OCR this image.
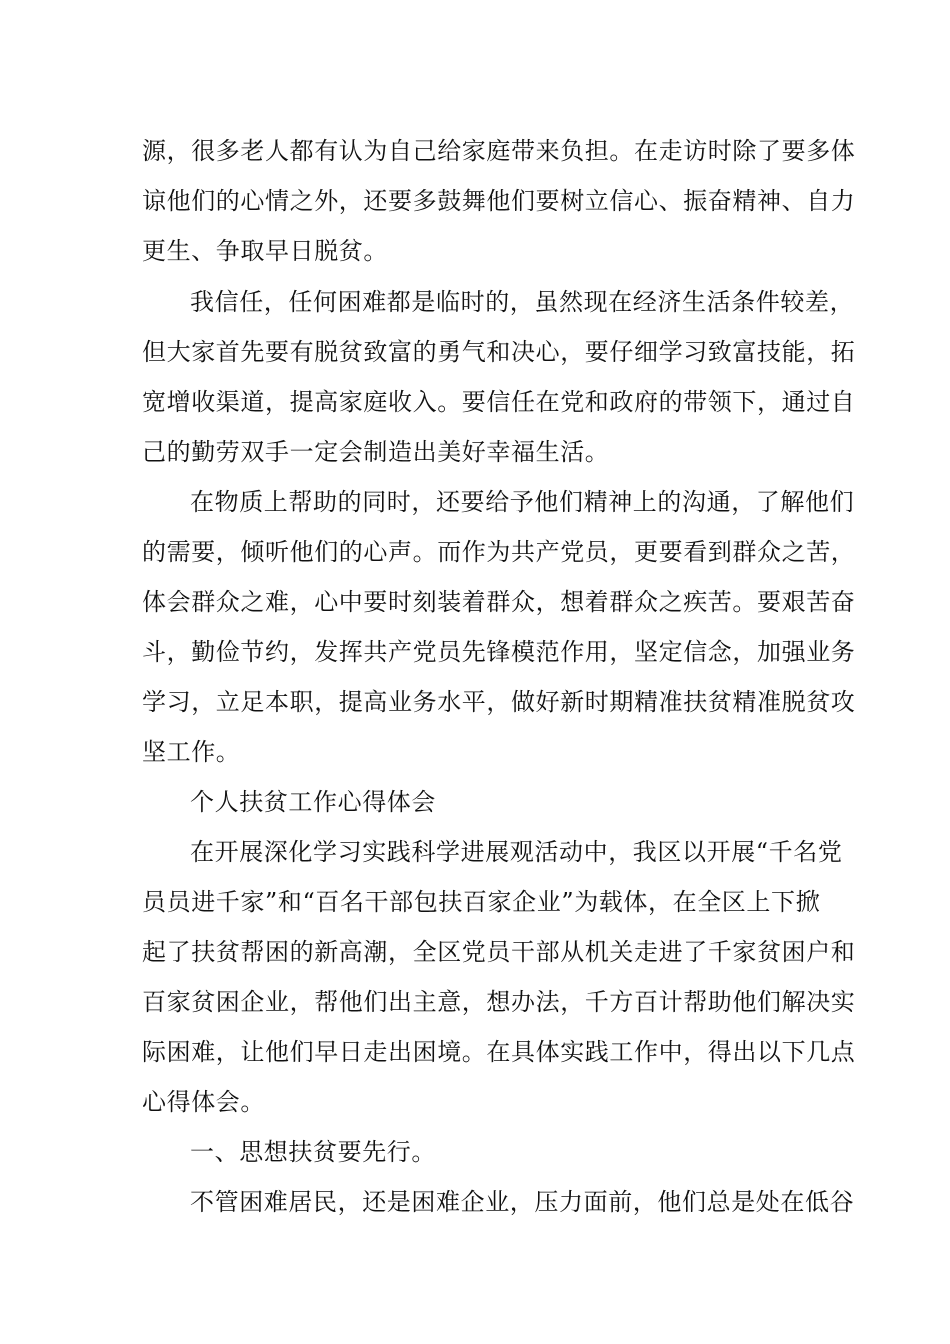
源，很多老人都有认为自己给家庭带来负担。在走访时除了要多体

谅他们的心情之外，还要多鼓舞他们要树立信心、振奋精神、自力

更生、争取早日脱贫。

我信任，任何困难都是临时的，虽然现在经济生活条件较差，

但大家首先要有脱贫致富的勇气和决心，要仔细学习致富技能，拓

宽增收渠道，提高家庭收入。要信任在党和政府的带领下，通过自

己的勤劳双手一定会制造出美好幸福生活。

在物质上帮助的同时，还要给予他们精神上的沟通，了解他们

的需要，倾听他们的心声。而作为共产党员，更要看到群众之苦，

体会群众之难，心中要时刻装着群众，想着群众之疾苦。要艰苦奋

斗，勤俭节约，发挥共产党员先锋模范作用，坚定信念，加强业务

学习，立足本职，提高业务水平，做好新时期精准扶贫精准脱贫攻

坚工作。

个人扶贫工作心得体会

在开展深化学习实践科学进展观活动中，我区以开展“千名党

员员进千家”和“百名干部包扶百家企业”为载体，在全区上下掀

起了扶贫帮困的新高潮，全区党员干部从机关走进了千家贫困户和

百家贫困企业，帮他们出主意，想办法，千方百计帮助他们解决实

际困难，让他们早日走出困境。在具体实践工作中，得出以下几点

心得体会。

一、思想扶贫要先行。

不管困难居民，还是困难企业，压力面前，他们总是处在低谷
